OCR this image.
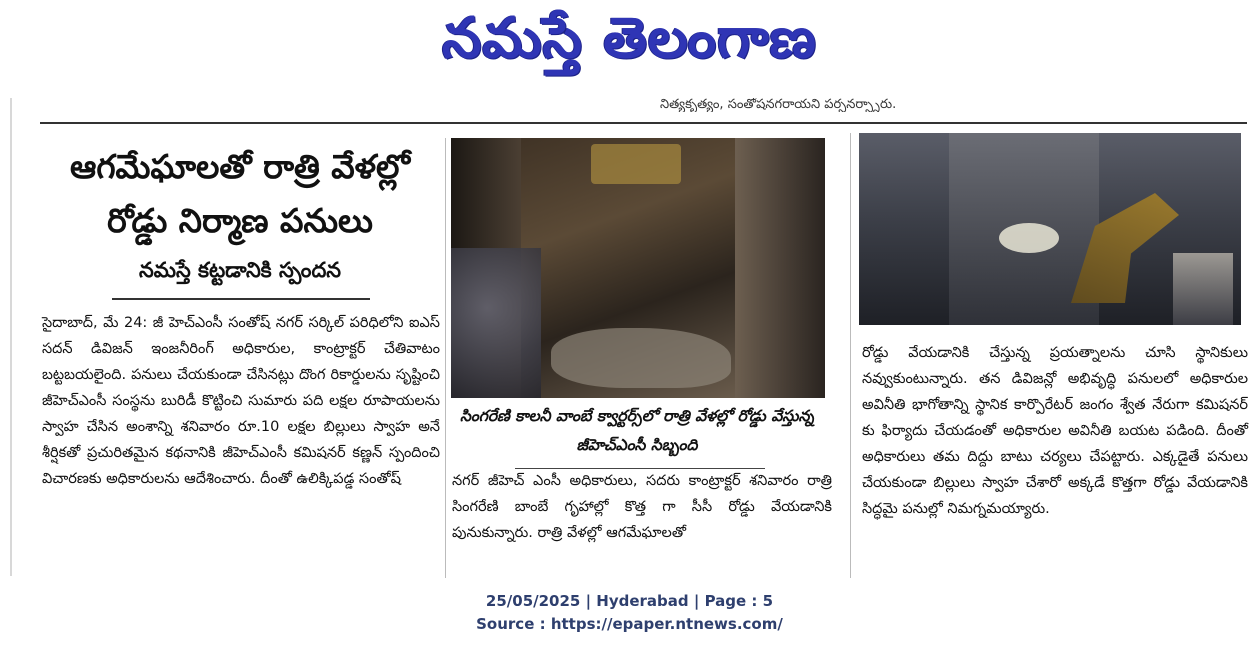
నమస్తే తెలంగాణ
నిత్యకృత్యం, సంతోషనగరాయని పర్సనర్స్నారు.
ఆగమేఘాలతో రాత్రి వేళల్లో
రోడ్డు నిర్మాణ పనులు
నమస్తే కట్టడానికి స్పందన
సైదాబాద్, మే 24: జీ హెచ్ఎంసీ సంతోష్ నగర్ సర్కిల్ పరిధిలోని ఐఎస్ సదన్ డివిజన్ ఇంజనీరింగ్ అధికారుల, కాంట్రాక్టర్ చేతివాటం బట్టబయలైంది. పనులు చేయకుండా చేసినట్లు దొంగ రికార్డులను సృష్టించి జీహెచ్ఎంసీ సంస్థను బురిడీ కొట్టించి సుమారు పది లక్షల రూపాయలను స్వాహ చేసిన అంశాన్ని శనివారం రూ.10 లక్షల బిల్లులు స్వాహ అనే శీర్షికతో ప్రచురితమైన కథనానికి జీహెచ్ఎంసీ కమిషనర్ కణ్ణన్ స్పందించి విచారణకు అధికారులను ఆదేశించారు. దీంతో ఉలిక్కిపడ్డ సంతోష్
సింగరేణి కాలనీ వాంబే క్వార్టర్స్‌లో రాత్రి వేళల్లో రోడ్డు వేస్తున్న జీహెచ్ఎంసీ సిబ్బంది
నగర్ జీహెచ్ ఎంసీ అధికారులు, సదరు కాంట్రాక్టర్ శనివారం రాత్రి సింగరేణి బాంబే గృహాల్లో కొత్త గా సీసీ రోడ్డు వేయడానికి పునుకున్నారు. రాత్రి వేళల్లో ఆగమేఘాలతో
రోడ్డు వేయడానికి చేస్తున్న ప్రయత్నాలను చూసి స్థానికులు నవ్వుకుంటున్నారు. తన డివిజన్లో అభివృద్ధి పనులలో అధికారుల అవినీతి భాగోతాన్ని స్థానిక కార్పొరేటర్ జంగం శ్వేత నేరుగా కమిషనర్ కు ఫిర్యాదు చేయడంతో అధికారుల అవినీతి బయట పడింది. దీంతో అధికారులు తమ దిద్దు బాటు చర్యలు చేపట్టారు. ఎక్కడైతే పనులు చేయకుండా బిల్లులు స్వాహ చేశారో అక్కడే కొత్తగా రోడ్డు వేయడానికి సిద్ధమై పనుల్లో నిమగ్నమయ్యారు.
25/05/2025 | Hyderabad | Page : 5
Source : https://epaper.ntnews.com/
